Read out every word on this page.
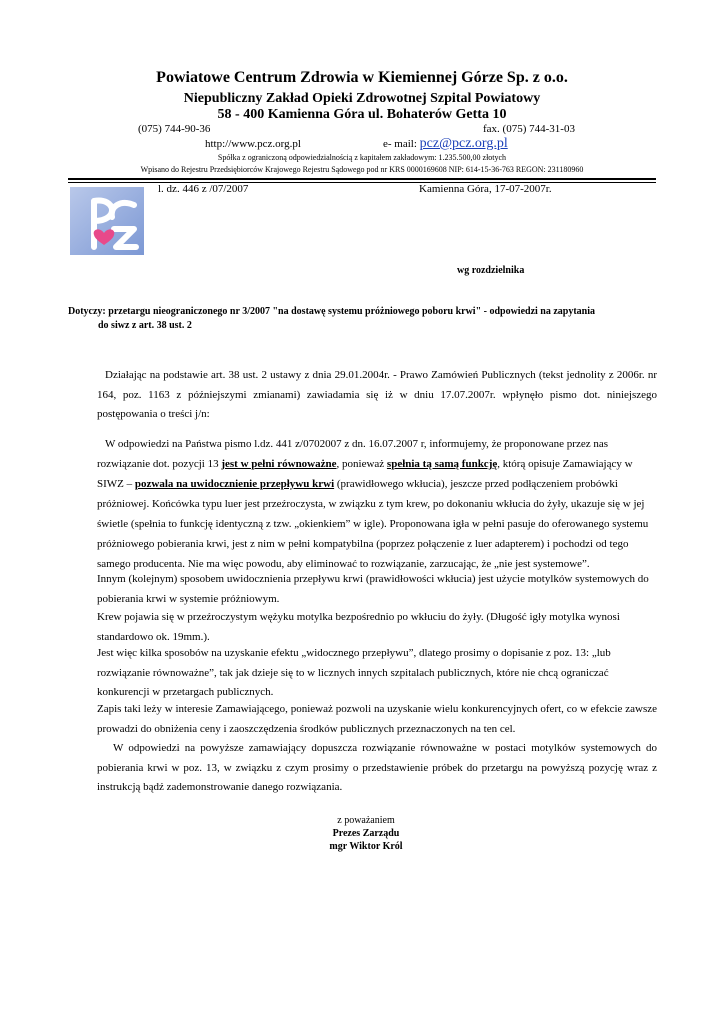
Powiatowe Centrum Zdrowia w Kiemiennej Górze Sp. z o.o.
Niepubliczny Zakład Opieki Zdrowotnej Szpital Powiatowy
58 - 400 Kamienna Góra ul. Bohaterów Getta 10
(075) 744-90-36	fax. (075) 744-31-03
http://www.pcz.org.pl	e- mail: pcz@pcz.org.pl
Spółka z ograniczoną odpowiedzialnością z kapitałem zakładowym: 1.235.500,00 złotych
Wpisano do Rejestru Przedsiębiorców Krajowego Rejestru Sądowego pod nr KRS 0000169608 NIP: 614-15-36-763 REGON: 231180960
l. dz. 446 z /07/2007	Kamienna Góra, 17-07-2007r.
wg rozdzielnika
Dotyczy: przetargu nieograniczonego nr 3/2007 "na dostawę systemu próżniowego poboru krwi" - odpowiedzi na zapytania
do siwz z art. 38 ust. 2
Działając na podstawie art. 38 ust. 2 ustawy z dnia 29.01.2004r. - Prawo Zamówień Publicznych (tekst jednolity z 2006r. nr 164, poz. 1163 z późniejszymi zmianami) zawiadamia się iż w dniu 17.07.2007r. wpłynęło pismo dot. niniejszego postępowania o treści j/n:
W odpowiedzi na Państwa pismo l.dz. 441 z/0702007 z dn. 16.07.2007 r, informujemy, że proponowane przez nas rozwiązanie dot. pozycji 13 jest w pełni równoważne, ponieważ spełnia tą samą funkcję, którą opisuje Zamawiający w SIWZ – pozwala na uwidocznienie przepływu krwi (prawidłowego wkłucia), jeszcze przed podłączeniem probówki próżniowej. Końcówka typu luer jest przeźroczysta, w związku z tym krew, po dokonaniu wkłucia do żyły, ukazuje się w jej świetle (spełnia to funkcję identyczną z tzw. „okienkiem” w igle). Proponowana igła w pełni pasuje do oferowanego systemu próżniowego pobierania krwi, jest z nim w pełni kompatybilna (poprzez połączenie z luer adapterem) i pochodzi od tego samego producenta. Nie ma więc powodu, aby eliminować to rozwiązanie, zarzucając, że „nie jest systemowe”.
Innym (kolejnym) sposobem uwidocznienia przepływu krwi (prawidłowości wkłucia) jest użycie motylków systemowych do pobierania krwi w systemie próżniowym.
Krew pojawia się w przeźroczystym wężyku motylka bezpośrednio po wkłuciu do żyły. (Długość igły motylka wynosi standardowo ok. 19mm.).
Jest więc kilka sposobów na uzyskanie efektu „widocznego przepływu”, dlatego prosimy o dopisanie z poz. 13: „lub rozwiązanie równoważne”, tak jak dzieje się to w licznych innych szpitalach publicznych, które nie chcą ograniczać konkurencji w przetargach publicznych.
Zapis taki leży w interesie Zamawiającego, ponieważ pozwoli na uzyskanie wielu konkurencyjnych ofert, co w efekcie zawsze prowadzi do obniżenia ceny i zaoszczędzenia środków publicznych przeznaczonych na ten cel.
W odpowiedzi na powyższe zamawiający dopuszcza rozwiązanie równoważne w postaci motylków systemowych do pobierania krwi w poz. 13, w związku z czym prosimy o przedstawienie próbek do przetargu na powyższą pozycję wraz z instrukcją bądź zademonstrowanie danego rozwiązania.
z poważaniem
Prezes Zarządu
mgr Wiktor Król
